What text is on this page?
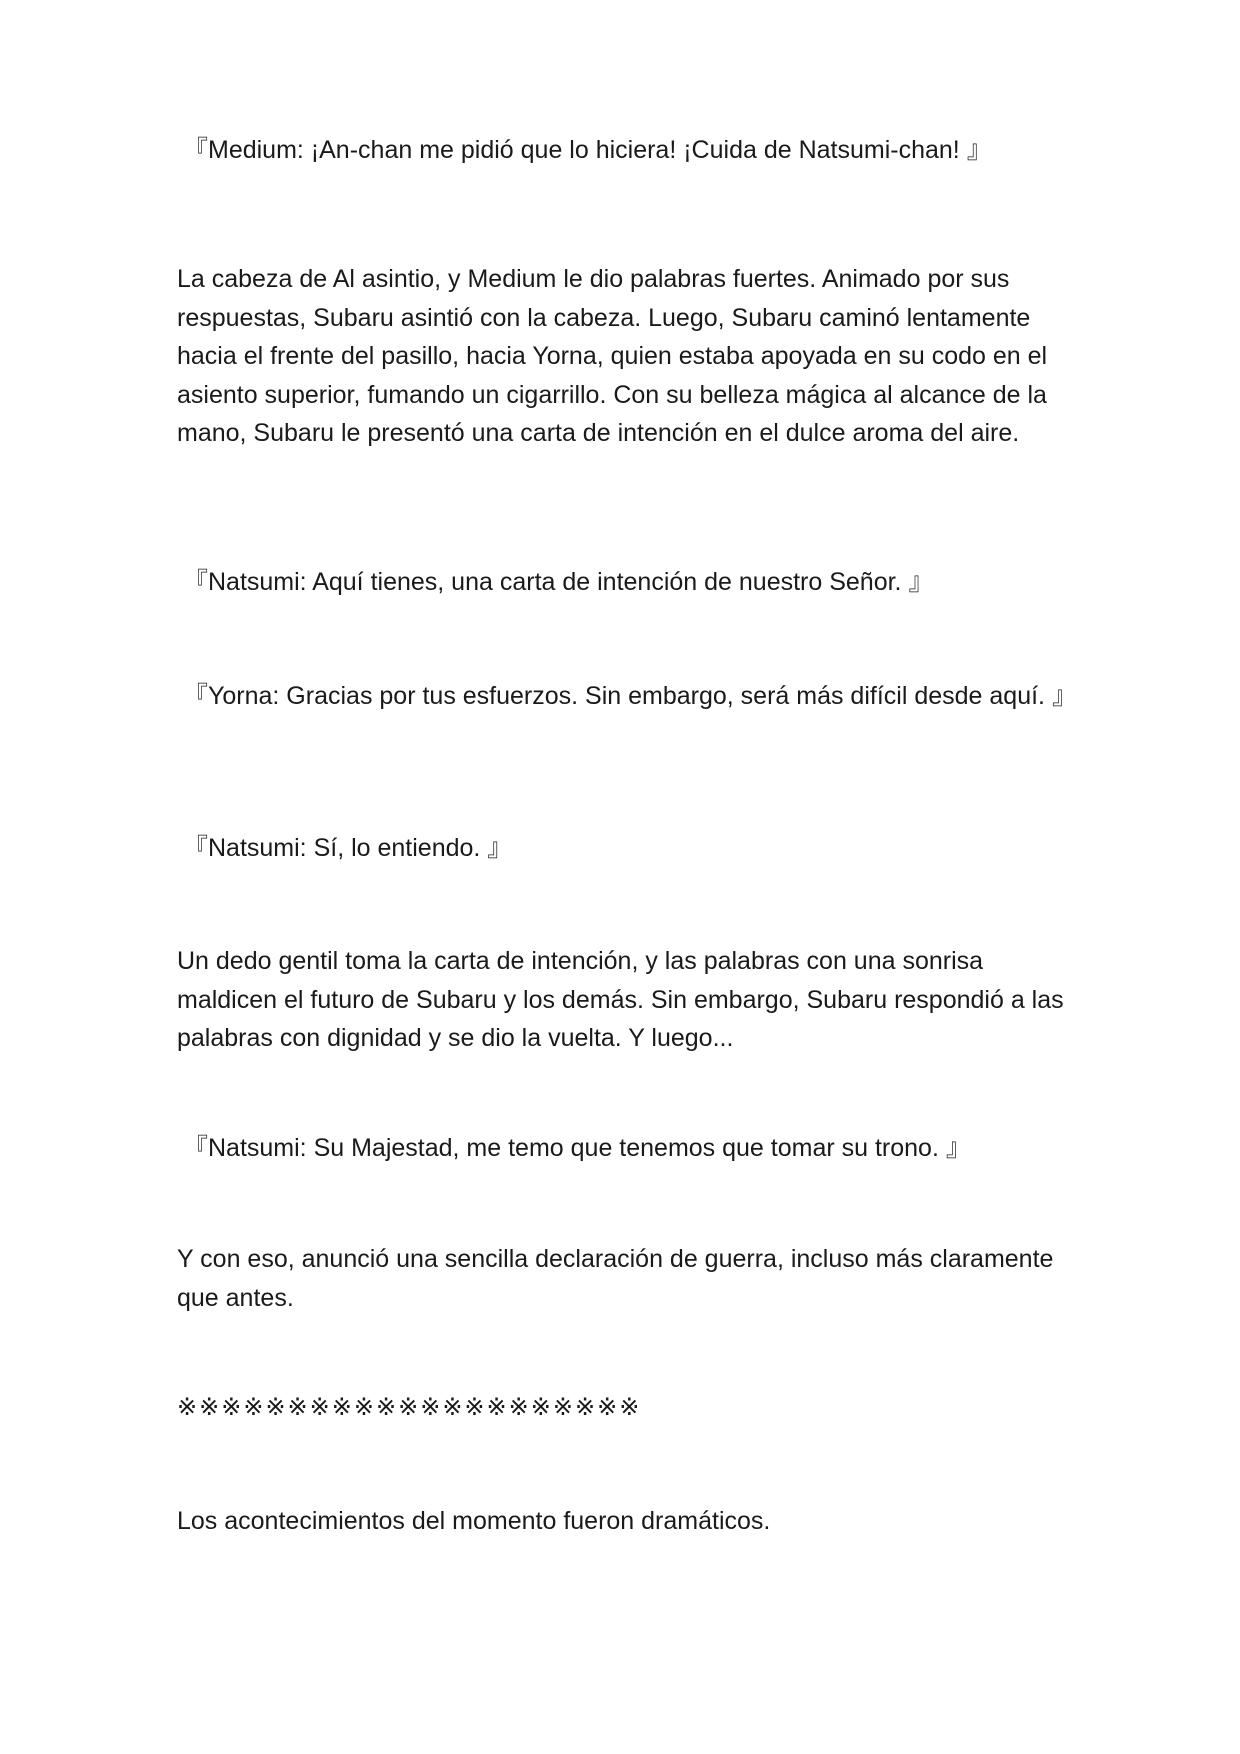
『Medium: ¡An-chan me pidió que lo hiciera! ¡Cuida de Natsumi-chan! 』

La cabeza de Al asintio, y Medium le dio palabras fuertes. Animado por sus respuestas, Subaru asintió con la cabeza. Luego, Subaru caminó lentamente hacia el frente del pasillo, hacia Yorna, quien estaba apoyada en su codo en el asiento superior, fumando un cigarrillo. Con su belleza mágica al alcance de la mano, Subaru le presentó una carta de intención en el dulce aroma del aire.

『Natsumi: Aquí tienes, una carta de intención de nuestro Señor. 』

『Yorna: Gracias por tus esfuerzos. Sin embargo, será más difícil desde aquí. 』

『Natsumi: Sí, lo entiendo. 』

Un dedo gentil toma la carta de intención, y las palabras con una sonrisa maldicen el futuro de Subaru y los demás. Sin embargo, Subaru respondió a las palabras con dignidad y se dio la vuelta. Y luego...

『Natsumi: Su Majestad, me temo que tenemos que tomar su trono. 』

Y con eso, anunció una sencilla declaración de guerra, incluso más claramente que antes.

※※※※※※※※※※※※※※※※※※※※※

Los acontecimientos del momento fueron dramáticos.
